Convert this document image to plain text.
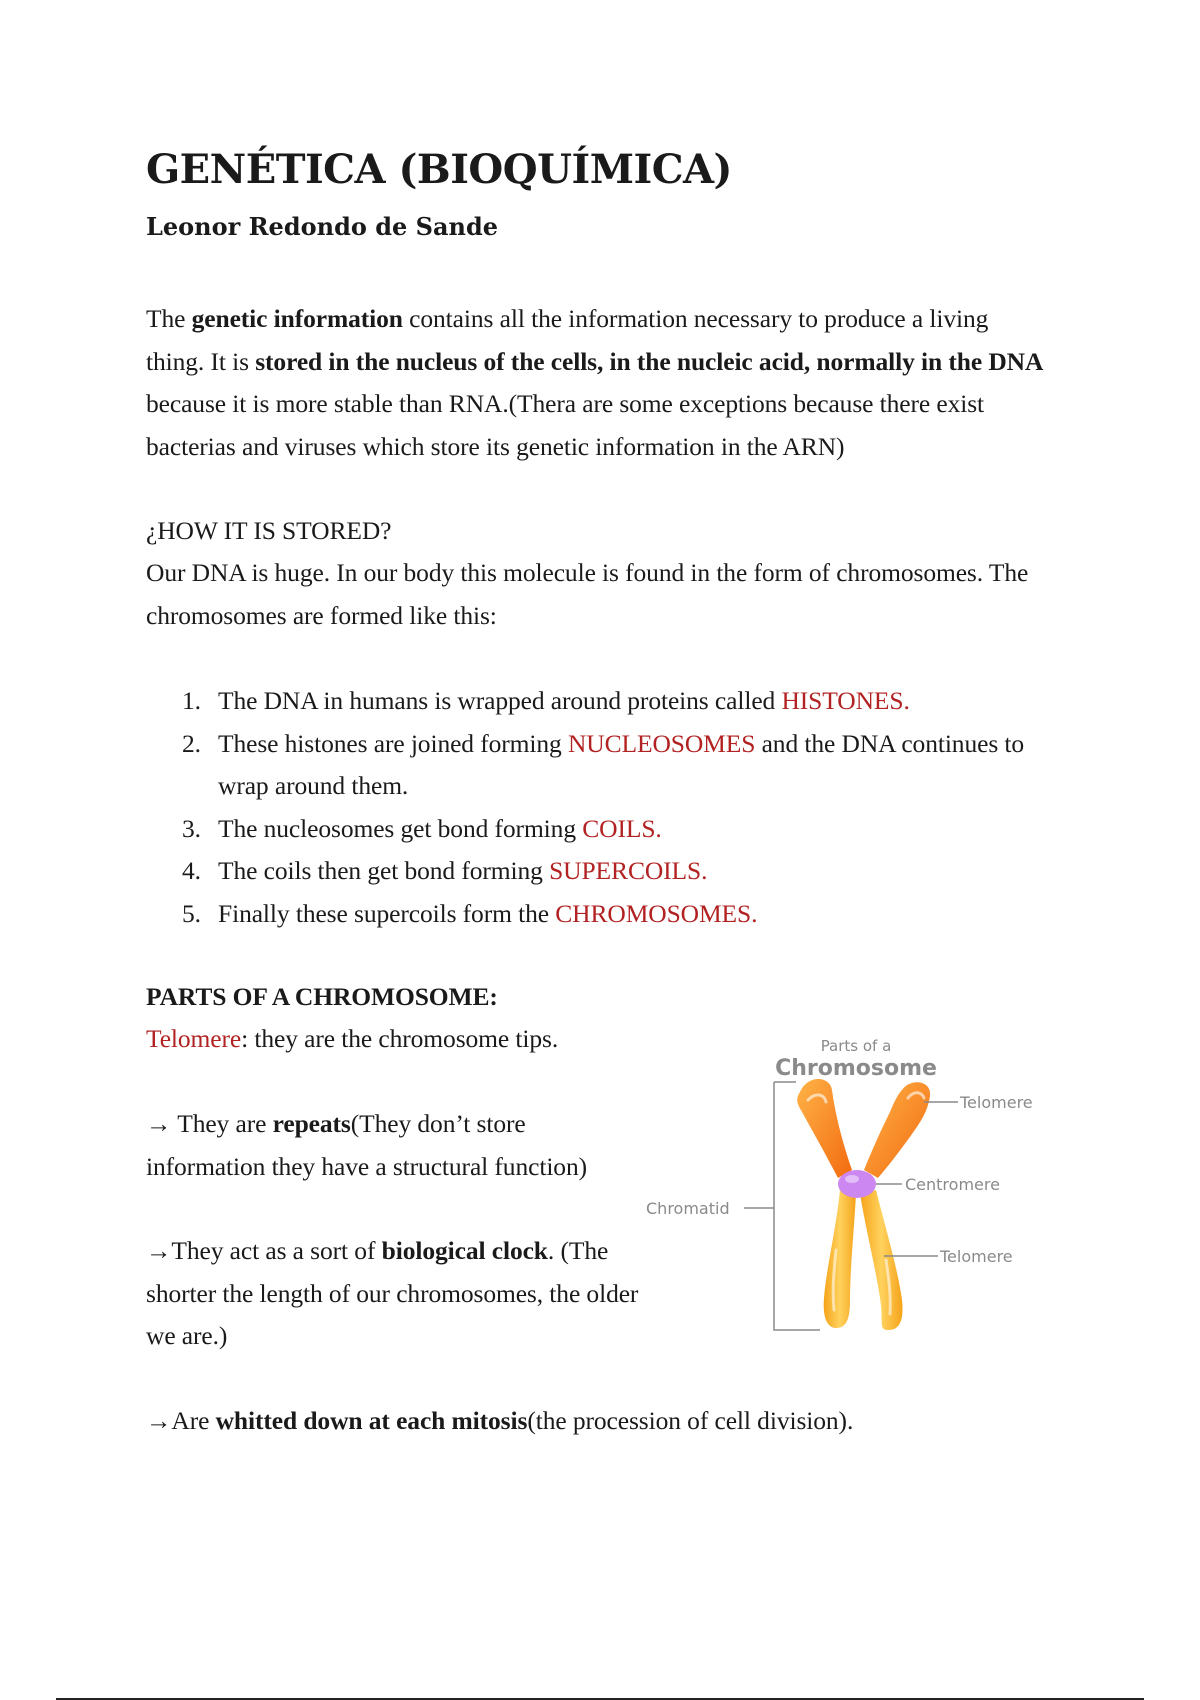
GENÉTICA (BIOQUÍMICA)
Leonor Redondo de Sande

The genetic information contains all the information necessary to produce a living thing. It is stored in the nucleus of the cells, in the nucleic acid, normally in the DNA because it is more stable than RNA.(Thera are some exceptions because there exist bacterias and viruses which store its genetic information in the ARN)

¿HOW IT IS STORED?

Our DNA is huge. In our body this molecule is found in the form of chromosomes. The chromosomes are formed like this:

1. The DNA in humans is wrapped around proteins called HISTONES.
2. These histones are joined forming NUCLEOSOMES and the DNA continues to wrap around them.
3. The nucleosomes get bond forming COILS.
4. The coils then get bond forming SUPERCOILS.
5. Finally these supercoils form the CHROMOSOMES.
PARTS OF A CHROMOSOME:

Telomere: they are the chromosome tips.

→ They are repeats(They don’t store information they have a structural function)

→They act as a sort of biological clock. (The shorter the length of our chromosomes, the older we are.)

→Are whitted down at each mitosis(the procession of cell division).

Parts of a
Chromosome
Telomere
Centromere
Telomere
Chromatid
